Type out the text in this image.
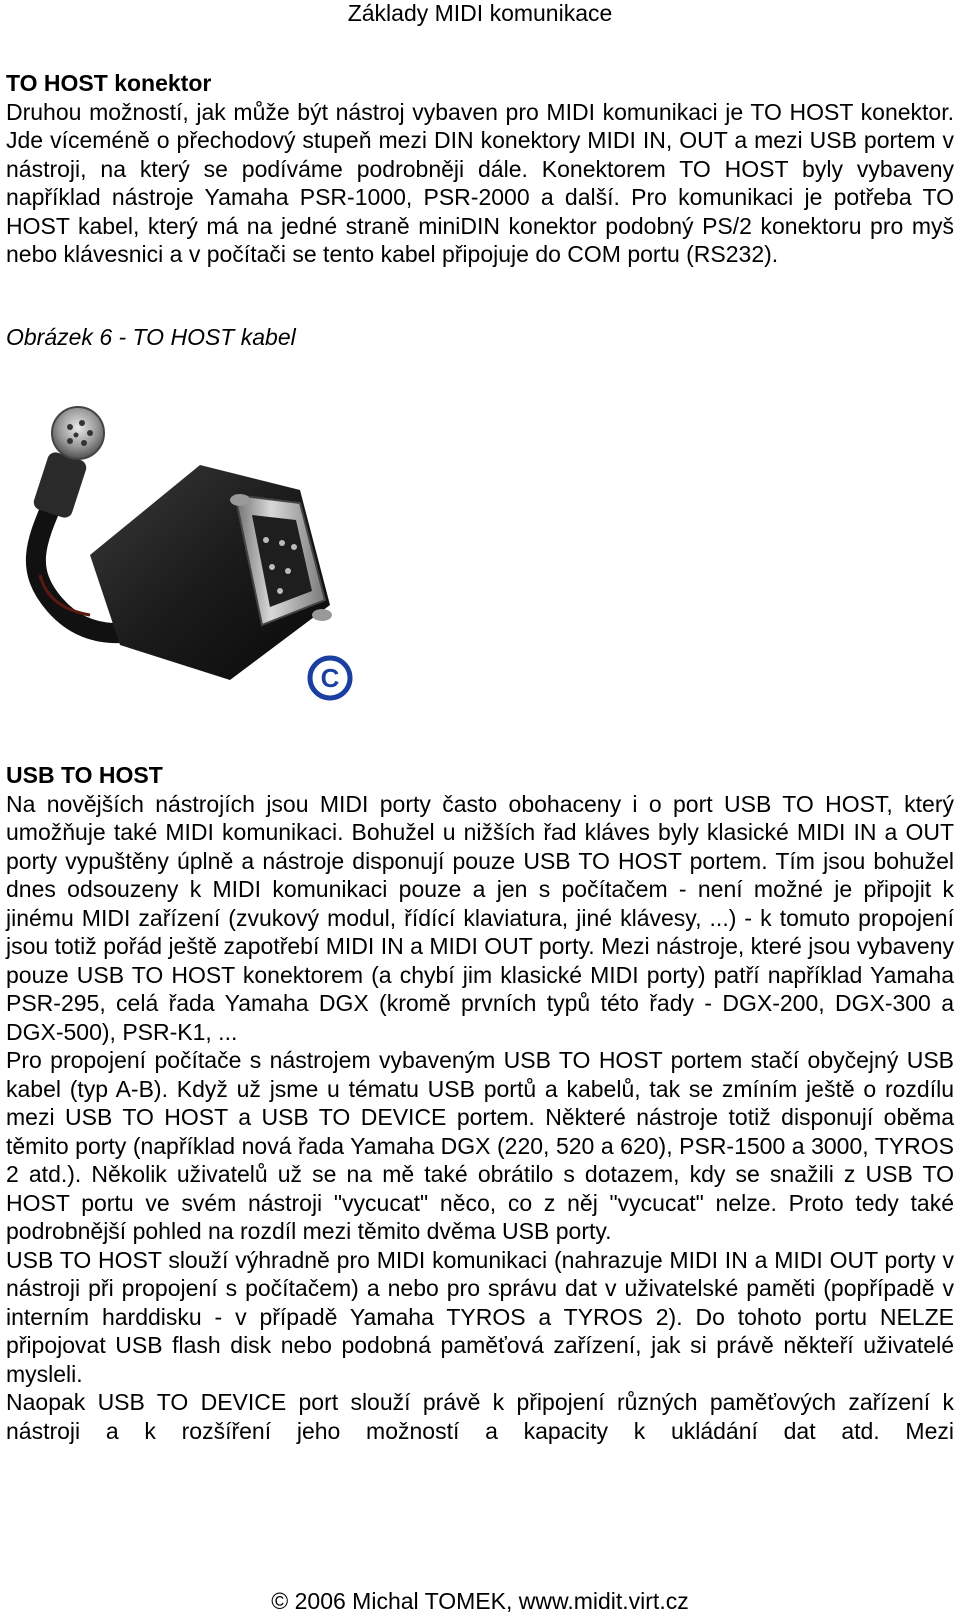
Základy MIDI komunikace

TO HOST konektor

Druhou možností, jak může být nástroj vybaven pro MIDI komunikaci je TO HOST konektor. Jde víceméně o přechodový stupeň mezi DIN konektory MIDI IN, OUT a mezi USB portem v nástroji, na který se podíváme podrobněji dále. Konektorem TO HOST byly vybaveny například nástroje Yamaha PSR-1000, PSR-2000 a další. Pro komunikaci je potřeba TO HOST kabel, který má na jedné straně miniDIN konektor podobný PS/2 konektoru pro myš nebo klávesnici a v počítači se tento kabel připojuje do COM portu (RS232).

Obrázek 6 - TO HOST kabel

C

USB TO HOST

Na novějších nástrojích jsou MIDI porty často obohaceny i o port USB TO HOST, který umožňuje také MIDI komunikaci. Bohužel u nižších řad kláves byly klasické MIDI IN a OUT porty vypuštěny úplně a nástroje disponují pouze USB TO HOST portem. Tím jsou bohužel dnes odsouzeny k MIDI komunikaci pouze a jen s počítačem - není možné je připojit k jinému MIDI zařízení (zvukový modul, řídící klaviatura, jiné klávesy, ...) - k tomuto propojení jsou totiž pořád ještě zapotřebí MIDI IN a MIDI OUT porty. Mezi nástroje, které jsou vybaveny pouze USB TO HOST konektorem (a chybí jim klasické MIDI porty) patří například Yamaha PSR-295, celá řada Yamaha DGX (kromě prvních typů této řady - DGX-200, DGX-300 a DGX-500), PSR-K1, ...

Pro propojení počítače s nástrojem vybaveným USB TO HOST portem stačí obyčejný USB kabel (typ A-B). Když už jsme u tématu USB portů a kabelů, tak se zmíním ještě o rozdílu mezi USB TO HOST a USB TO DEVICE portem. Některé nástroje totiž disponují oběma těmito porty (například nová řada Yamaha DGX (220, 520 a 620), PSR-1500 a 3000, TYROS 2 atd.). Několik uživatelů už se na mě také obrátilo s dotazem, kdy se snažili z USB TO HOST portu ve svém nástroji "vycucat" něco, co z něj "vycucat" nelze. Proto tedy také podrobnější pohled na rozdíl mezi těmito dvěma USB porty.

USB TO HOST slouží výhradně pro MIDI komunikaci (nahrazuje MIDI IN a MIDI OUT porty v nástroji při propojení s počítačem) a nebo pro správu dat v uživatelské paměti (popřípadě v interním harddisku - v případě Yamaha TYROS a TYROS 2). Do tohoto portu NELZE připojovat USB flash disk nebo podobná paměťová zařízení, jak si právě někteří uživatelé mysleli.

Naopak USB TO DEVICE port slouží právě k připojení různých paměťových zařízení k nástroji a k rozšíření jeho možností a kapacity k ukládání dat atd. Mezi

© 2006 Michal TOMEK, www.midit.virt.cz
